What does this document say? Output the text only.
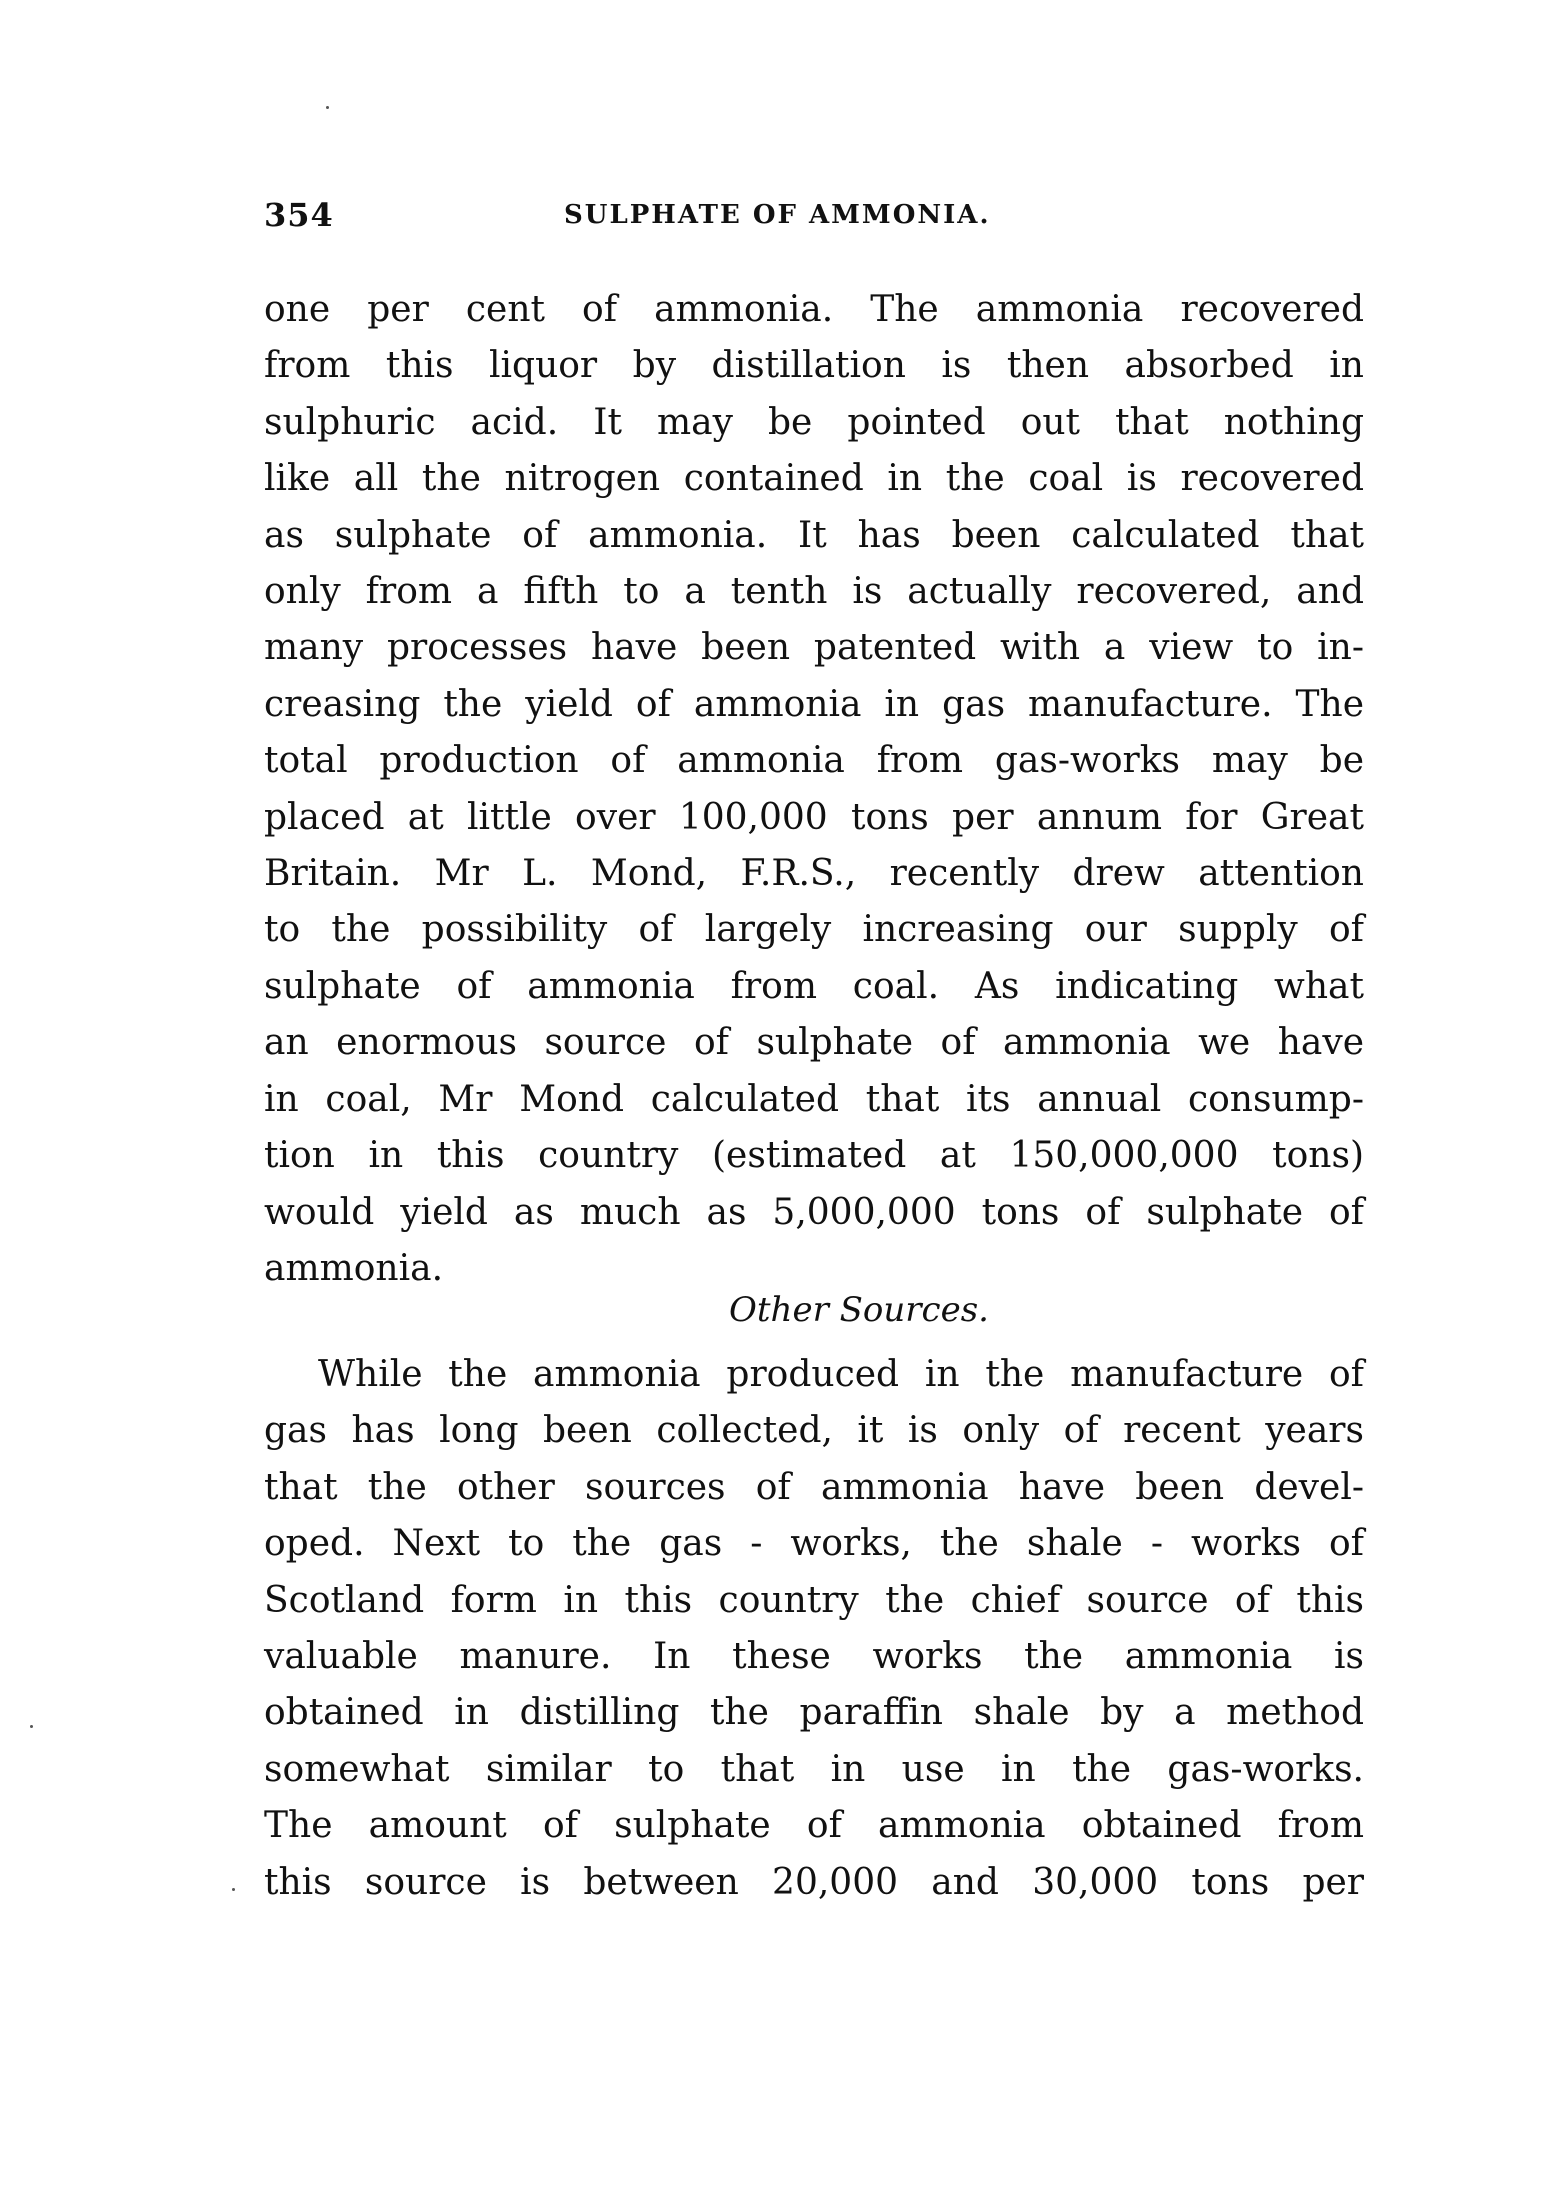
354	SULPHATE OF AMMONIA.
one per cent of ammonia. The ammonia recovered
from this liquor by distillation is then absorbed in
sulphuric acid. It may be pointed out that nothing
like all the nitrogen contained in the coal is recovered
as sulphate of ammonia. It has been calculated that
only from a fifth to a tenth is actually recovered, and
many processes have been patented with a view to in-
creasing the yield of ammonia in gas manufacture. The
total production of ammonia from gas-works may be
placed at little over 100,000 tons per annum for Great
Britain. Mr L. Mond, F.R.S., recently drew attention
to the possibility of largely increasing our supply of
sulphate of ammonia from coal. As indicating what
an enormous source of sulphate of ammonia we have
in coal, Mr Mond calculated that its annual consump-
tion in this country (estimated at 150,000,000 tons)
would yield as much as 5,000,000 tons of sulphate of
ammonia.
Other Sources.
While the ammonia produced in the manufacture of
gas has long been collected, it is only of recent years
that the other sources of ammonia have been devel-
oped. Next to the gas - works, the shale - works of
Scotland form in this country the chief source of this
valuable manure. In these works the ammonia is
obtained in distilling the paraffin shale by a method
somewhat similar to that in use in the gas-works.
The amount of sulphate of ammonia obtained from
this source is between 20,000 and 30,000 tons per
